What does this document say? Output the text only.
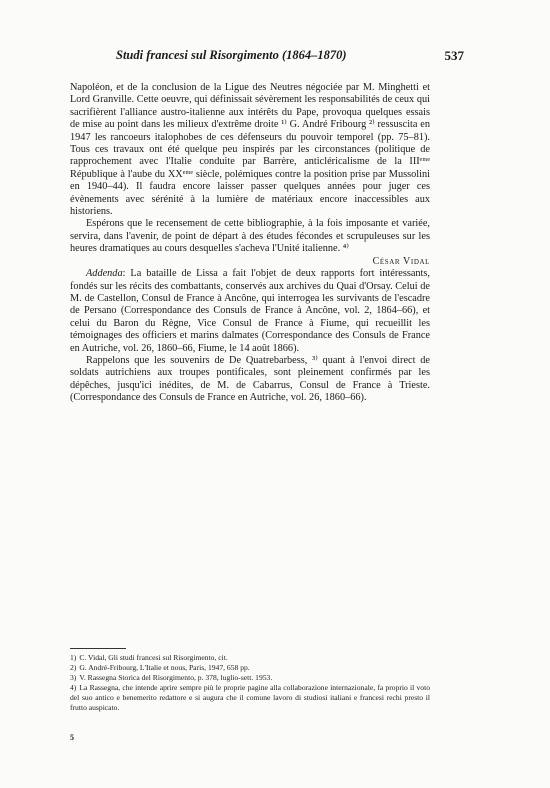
Studi francesi sul Risorgimento (1864–1870)	537

Napoléon, et de la conclusion de la Ligue des Neutres négociée par M. Minghetti et Lord Granville. Cette oeuvre, qui définissait sévèrement les responsabilités de ceux qui sacrifièrent l'alliance austro-italienne aux intérêts du Pape, provoqua quelques essais de mise au point dans les milieux d'extrême droite ¹⁾ G. André Fribourg ²⁾ ressuscita en 1947 les rancoeurs italophobes de ces défenseurs du pouvoir temporel (pp. 75–81). Tous ces travaux ont été quelque peu inspirés par les circonstances (politique de rapprochement avec l'Italie conduite par Barrère, anticléricalisme de la IIIᵉᵐᵉ République à l'aube du XXᵉᵐᵉ siècle, polémiques contre la position prise par Mussolini en 1940–44). Il faudra encore laisser passer quelques années pour juger ces évènements avec sérénité à la lumière de matériaux encore inaccessibles aux historiens.

Espérons que le recensement de cette bibliographie, à la fois imposante et variée, servira, dans l'avenir, de point de départ à des études fécondes et scrupuleuses sur les heures dramatiques au cours desquelles s'acheva l'Unité italienne. ⁴⁾

César Vidal

Addenda: La bataille de Lissa a fait l'objet de deux rapports fort intéressants, fondés sur les récits des combattants, conservés aux archives du Quai d'Orsay. Celui de M. de Castellon, Consul de France à Ancône, qui interrogea les survivants de l'escadre de Persano (Correspondance des Consuls de France à Ancône, vol. 2, 1864–66), et celui du Baron du Règne, Vice Consul de France à Fiume, qui recueillit les témoignages des officiers et marins dalmates (Correspondance des Consuls de France en Autriche, vol. 26, 1860–66, Fiume, le 14 août 1866).

Rappelons que les souvenirs de De Quatrebarbess, ³⁾ quant à l'envoi direct de soldats autrichiens aux troupes pontificales, sont pleinement confirmés par les dépêches, jusqu'ici inédites, de M. de Cabarrus, Consul de France à Trieste. (Correspondance des Consuls de France en Autriche, vol. 26, 1860–66).

1) C. Vidal, Gli studi francesi sul Risorgimento, cit.

2) G. André-Fribourg, L'Italie et nous, Paris, 1947, 658 pp.

3) V. Rassegna Storica del Risorgimento, p. 378, luglio-sett. 1953.

4) La Rassegna, che intende aprire sempre più le proprie pagine alla collaborazione internazionale, fa proprio il voto del suo antico e benemerito redattore e si augura che il comune lavoro di studiosi italiani e francesi rechi presto il frutto auspicato.

5
